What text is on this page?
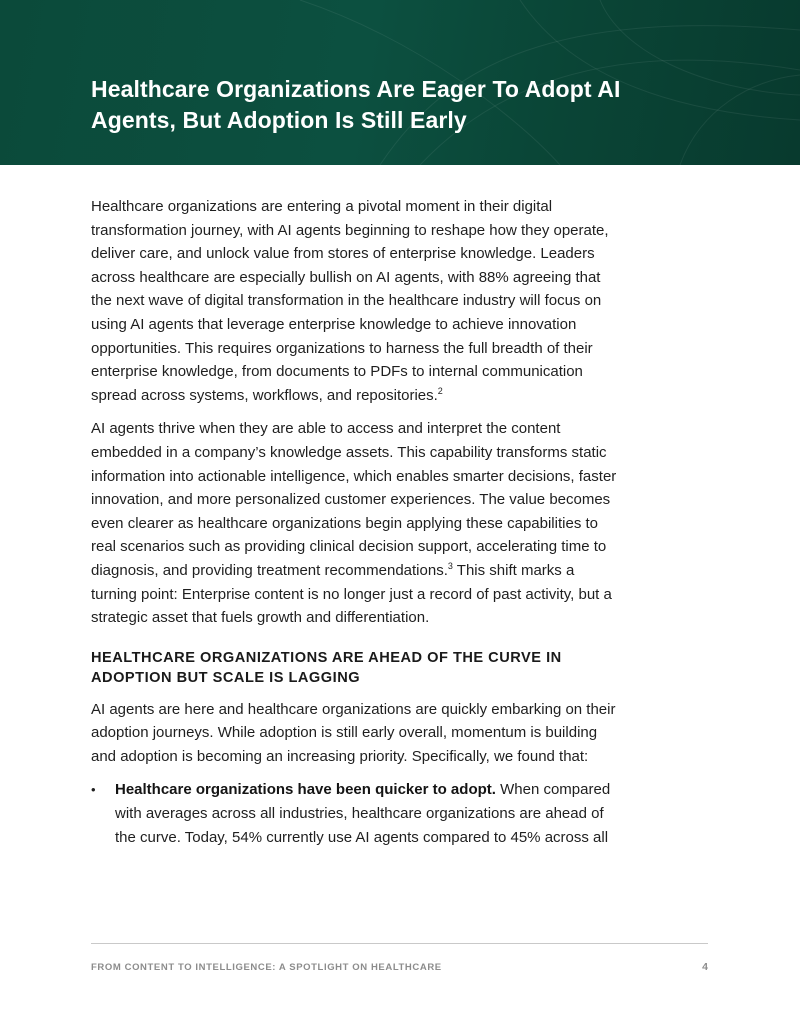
Healthcare Organizations Are Eager To Adopt AI Agents, But Adoption Is Still Early

Healthcare organizations are entering a pivotal moment in their digital transformation journey, with AI agents beginning to reshape how they operate, deliver care, and unlock value from stores of enterprise knowledge. Leaders across healthcare are especially bullish on AI agents, with 88% agreeing that the next wave of digital transformation in the healthcare industry will focus on using AI agents that leverage enterprise knowledge to achieve innovation opportunities. This requires organizations to harness the full breadth of their enterprise knowledge, from documents to PDFs to internal communication spread across systems, workflows, and repositories.$^2$

AI agents thrive when they are able to access and interpret the content embedded in a company’s knowledge assets. This capability transforms static information into actionable intelligence, which enables smarter decisions, faster innovation, and more personalized customer experiences. The value becomes even clearer as healthcare organizations begin applying these capabilities to real scenarios such as providing clinical decision support, accelerating time to diagnosis, and providing treatment recommendations.$^3$ This shift marks a turning point: Enterprise content is no longer just a record of past activity, but a strategic asset that fuels growth and differentiation.

HEALTHCARE ORGANIZATIONS ARE AHEAD OF THE CURVE IN ADOPTION BUT SCALE IS LAGGING

AI agents are here and healthcare organizations are quickly embarking on their adoption journeys. While adoption is still early overall, momentum is building and adoption is becoming an increasing priority. Specifically, we found that:

• Healthcare organizations have been quicker to adopt. When compared with averages across all industries, healthcare organizations are ahead of the curve. Today, 54% currently use AI agents compared to 45% across all
FROM CONTENT TO INTELLIGENCE: A SPOTLIGHT ON HEALTHCARE	4
